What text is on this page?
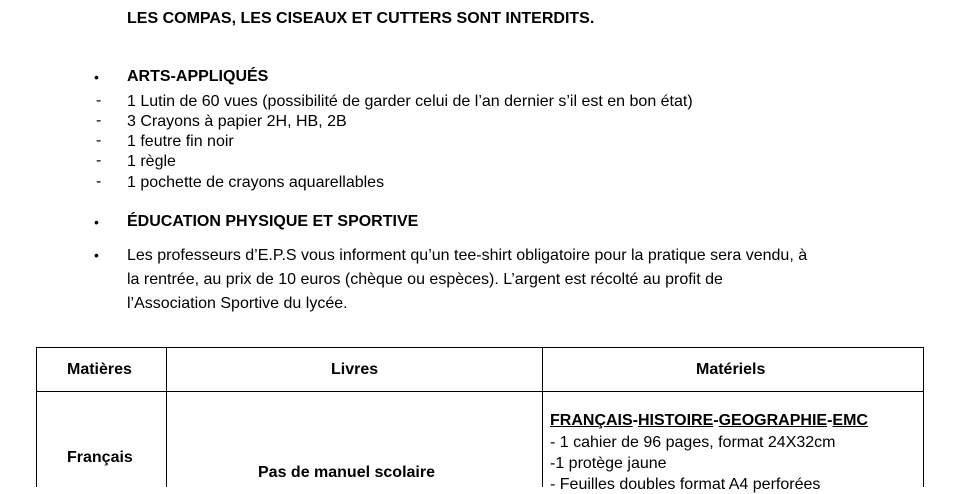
LES COMPAS, LES CISEAUX ET CUTTERS SONT INTERDITS.
• ARTS-APPLIQUÉS
- 1 Lutin de 60 vues (possibilité de garder celui de l’an dernier s’il est en bon état)
- 3 Crayons à papier 2H, HB, 2B
- 1 feutre fin noir
- 1 règle
- 1 pochette de crayons aquarellables
• ÉDUCATION PHYSIQUE ET SPORTIVE
• Les professeurs d’E.P.S vous informent qu’un tee-shirt obligatoire pour la pratique sera vendu, à
la rentrée, au prix de 10 euros (chèque ou espèces). L’argent est récolté au profit de
l’Association Sportive du lycée.
Matières	Livres	Matériels
Français
Pas de manuel scolaire
FRANÇAIS-HISTOIRE-GEOGRAPHIE-EMC
- 1 cahier de 96 pages, format 24X32cm
-1 protège jaune
- Feuilles doubles format A4 perforées
